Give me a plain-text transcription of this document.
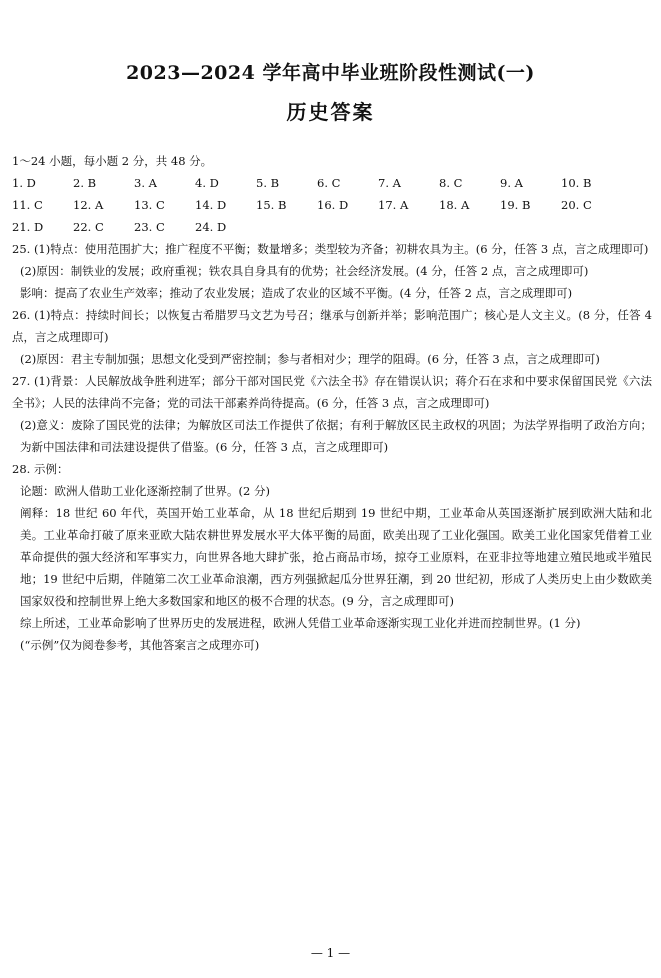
2023—2024 学年高中毕业班阶段性测试(一)
历史答案
1～24 小题，每小题 2 分，共 48 分。
1. D	2. B	3. A	4. D	5. B	6. C	7. A	8. C	9. A	10. B
11. C	12. A	13. C	14. D	15. B	16. D	17. A	18. A	19. B	20. C
21. D	22. C	23. C	24. D
25. (1)特点：使用范围扩大；推广程度不平衡；数量增多；类型较为齐备；初耕农具为主。(6 分，任答 3 点，言之成理即可)
(2)原因：制铁业的发展；政府重视；铁农具自身具有的优势；社会经济发展。(4 分，任答 2 点，言之成理即可)
影响：提高了农业生产效率；推动了农业发展；造成了农业的区域不平衡。(4 分，任答 2 点，言之成理即可)
26. (1)特点：持续时间长；以恢复古希腊罗马文艺为号召；继承与创新并举；影响范围广；核心是人文主义。(8 分，任答 4 点，言之成理即可)
(2)原因：君主专制加强；思想文化受到严密控制；参与者相对少；理学的阻碍。(6 分，任答 3 点，言之成理即可)
27. (1)背景：人民解放战争胜利进军；部分干部对国民党《六法全书》存在错误认识；蒋介石在求和中要求保留国民党《六法全书》；人民的法律尚不完备；党的司法干部素养尚待提高。(6 分，任答 3 点，言之成理即可)
(2)意义：废除了国民党的法律；为解放区司法工作提供了依据；有利于解放区民主政权的巩固；为法学界指明了政治方向；为新中国法律和司法建设提供了借鉴。(6 分，任答 3 点，言之成理即可)
28. 示例：
论题：欧洲人借助工业化逐渐控制了世界。(2 分)
阐释：18 世纪 60 年代，英国开始工业革命，从 18 世纪后期到 19 世纪中期，工业革命从英国逐渐扩展到欧洲大陆和北美。工业革命打破了原来亚欧大陆农耕世界发展水平大体平衡的局面，欧美出现了工业化强国。欧美工业化国家凭借着工业革命提供的强大经济和军事实力，向世界各地大肆扩张，抢占商品市场，掠夺工业原料，在亚非拉等地建立殖民地或半殖民地；19 世纪中后期，伴随第二次工业革命浪潮，西方列强掀起瓜分世界狂潮，到 20 世纪初，形成了人类历史上由少数欧美国家奴役和控制世界上绝大多数国家和地区的极不合理的状态。(9 分，言之成理即可)
综上所述，工业革命影响了世界历史的发展进程，欧洲人凭借工业革命逐渐实现工业化并进而控制世界。(1 分)
(“示例”仅为阅卷参考，其他答案言之成理亦可)
— 1 —
